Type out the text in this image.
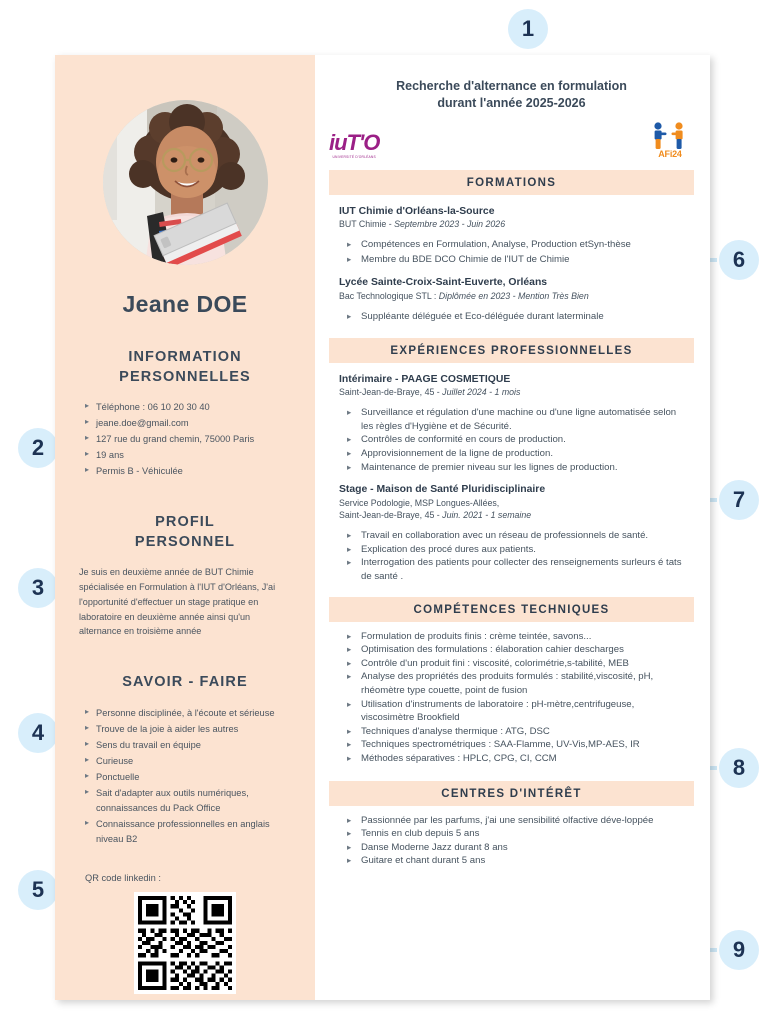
1
2
3
4
5
6
7
8
9
Jeane DOE
INFORMATION
PERSONNELLES
▸ Téléphone : 06 10 20 30 40
▸ jeane.doe@gmail.com
▸ 127 rue du grand chemin, 75000 Paris
▸ 19 ans
▸ Permis B - Véhiculée
PROFIL
PERSONNEL
Je suis en deuxième année de BUT Chimie spécialisée en Formulation à l'IUT d'Orléans, J'ai l'opportunité d'effectuer un stage pratique en laboratoire en deuxième année ainsi qu'un alternance en troisième année
SAVOIR - FAIRE
▸ Personne disciplinée, à l'écoute et sérieuse
▸ Trouve de la joie à aider les autres
▸ Sens du travail en équipe
▸ Curieuse
▸ Ponctuelle
▸ Sait d'adapter aux outils numériques, connaissances du Pack Office
▸ Connaissance professionnelles en anglais niveau B2
QR code linkedin :
Recherche d'alternance en formulation
durant l'année 2025-2026
iuT'O
UNIVERSITÉ D'ORLÉANS	AFi24
FORMATIONS
IUT Chimie d'Orléans-la-Source
BUT Chimie - Septembre 2023 - Juin 2026
▸ Compétences en Formulation, Analyse, Production etSyn-thèse
▸ Membre du BDE DCO Chimie de l'IUT de Chimie
Lycée Sainte-Croix-Saint-Euverte, Orléans
Bac Technologique STL : Diplômée en 2023 - Mention Très Bien
▸ Suppléante déléguée et Eco-déléguée durant laterminale
EXPÉRIENCES PROFESSIONNELLES
Intérimaire - PAAGE COSMETIQUE
Saint-Jean-de-Braye, 45 - Juillet 2024 - 1 mois
▸ Surveillance et régulation d'une machine ou d'une ligne automatisée selon les règles d'Hygiène et de Sécurité.
▸ Contrôles de conformité en cours de production.
▸ Approvisionnement de la ligne de production.
▸ Maintenance de premier niveau sur les lignes de production.
Stage - Maison de Santé Pluridisciplinaire
Service Podologie, MSP Longues-Allées,
Saint-Jean-de-Braye, 45 - Juin. 2021 - 1 semaine
▸ Travail en collaboration avec un réseau de professionnels de santé.
▸ Explication des procé dures aux patients.
▸ Interrogation des patients pour collecter des renseignements surleurs é tats de santé .
COMPÉTENCES TECHNIQUES
▸ Formulation de produits finis : crème teintée, savons...
▸ Optimisation des formulations : élaboration cahier descharges
▸ Contrôle d'un produit fini : viscosité, colorimétrie,s-tabilité, MEB
▸ Analyse des propriétés des produits formulés : stabilité,viscosité, pH, rhéomètre type couette, point de fusion
▸ Utilisation d'instruments de laboratoire : pH-mètre,centrifugeuse, viscosimètre Brookfield
▸ Techniques d'analyse thermique : ATG, DSC
▸ Techniques spectrométriques : SAA-Flamme, UV-Vis,MP-AES, IR
▸ Méthodes séparatives : HPLC, CPG, CI, CCM
CENTRES D'INTÉRÊT
▸ Passionnée par les parfums, j'ai une sensibilité olfactive déve-loppée
▸ Tennis en club depuis 5 ans
▸ Danse Moderne Jazz durant 8 ans
▸ Guitare et chant durant 5 ans
